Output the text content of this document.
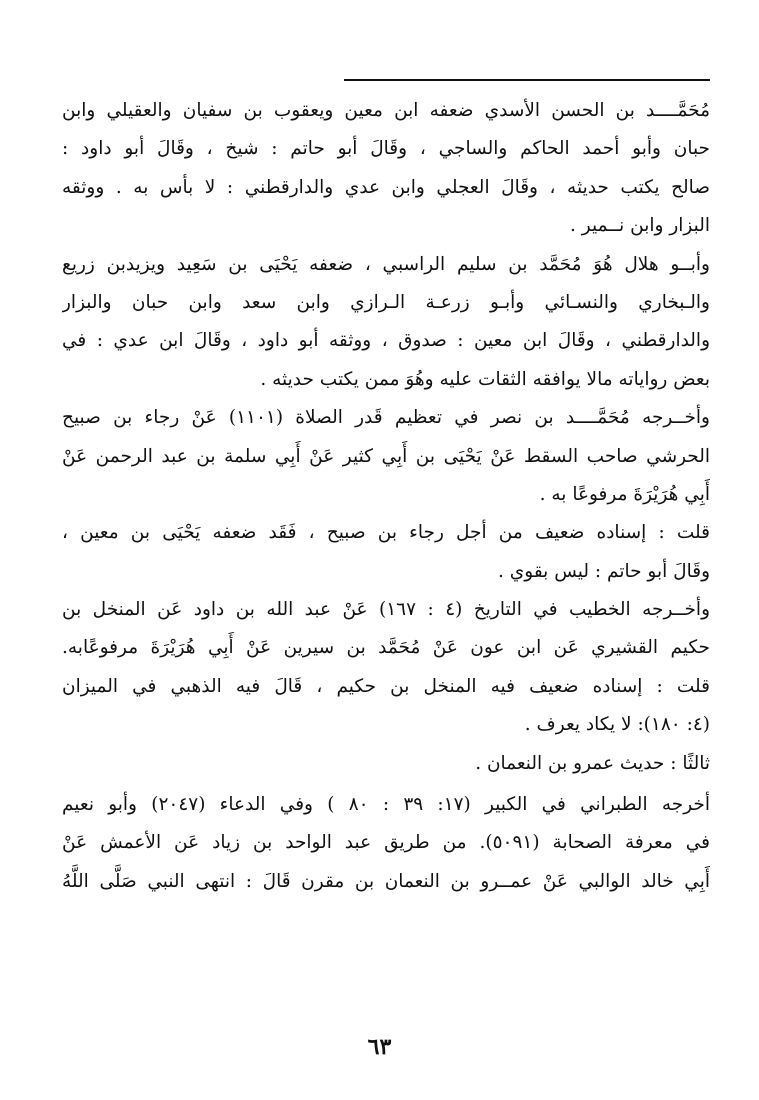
مُحَمَّــــد بن الحسن الأسدي ضعفه ابن معين ويعقوب بن سفيان والعقيلي وابن
حبان وأبو أحمد الحاكم والساجي ، وقَالَ أبو حاتم : شيخ ، وقَالَ أبو داود :
صالح يكتب حديثه ، وقَالَ العجلي وابن عدي والدارقطني : لا بأس به . ووثقه
البزار وابن نــمير .
وأبــو هلال هُوَ مُحَمَّد بن سليم الراسبي ، ضعفه يَحْيَى بن سَعِيد ويزيدبن زريع
والـبخاري والنسـائي وأبـو زرعـة الـرازي وابن سعد وابن حبان والبزار
والدارقطني ، وقَالَ ابن معين : صدوق ، ووثقه أبو داود ، وقَالَ ابن عدي : في
بعض رواياته مالا يوافقه الثقات عليه وهُوَ ممن يكتب حديثه .
وأخــرجه مُحَمَّــــد بن نصر في تعظيم قَدر الصلاة (١١٠١) عَنْ رجاء بن صبيح
الحرشي صاحب السقط عَنْ يَحْيَى بن أَبِي كثير عَنْ أَبِي سلمة بن عبد الرحمن عَنْ
أَبِي هُرَيْرَةَ مرفوعًا به .
قلت : إسناده ضعيف من أجل رجاء بن صبيح ، فَقَد ضعفه يَحْيَى بن معين ،
وقَالَ أبو حاتم : ليس بقوي .
وأخــرجه الخطيب في التاريخ (٤ : ١٦٧) عَنْ عبد الله بن داود عَن المنخل بن
حكيم القشيري عَن ابن عون عَنْ مُحَمَّد بن سيرين عَنْ أَبِي هُرَيْرَةَ مرفوعًابه.
قلت : إسناده ضعيف فيه المنخل بن حكيم ، قَالَ فيه الذهبي في الميزان
(٤: ١٨٠): لا يكاد يعرف .
ثالثًا : حديث عمرو بن النعمان .
أخرجه الطبراني في الكبير (١٧: ٣٩ : ٨٠ ) وفي الدعاء (٢٠٤٧) وأبو نعيم
في معرفة الصحابة (٥٠٩١). من طريق عبد الواحد بن زياد عَن الأعمش عَنْ
أَبِي خالد الوالبي عَنْ عمــرو بن النعمان بن مقرن قَالَ : انتهى النبي صَلَّى اللَّهُ
٦٣
